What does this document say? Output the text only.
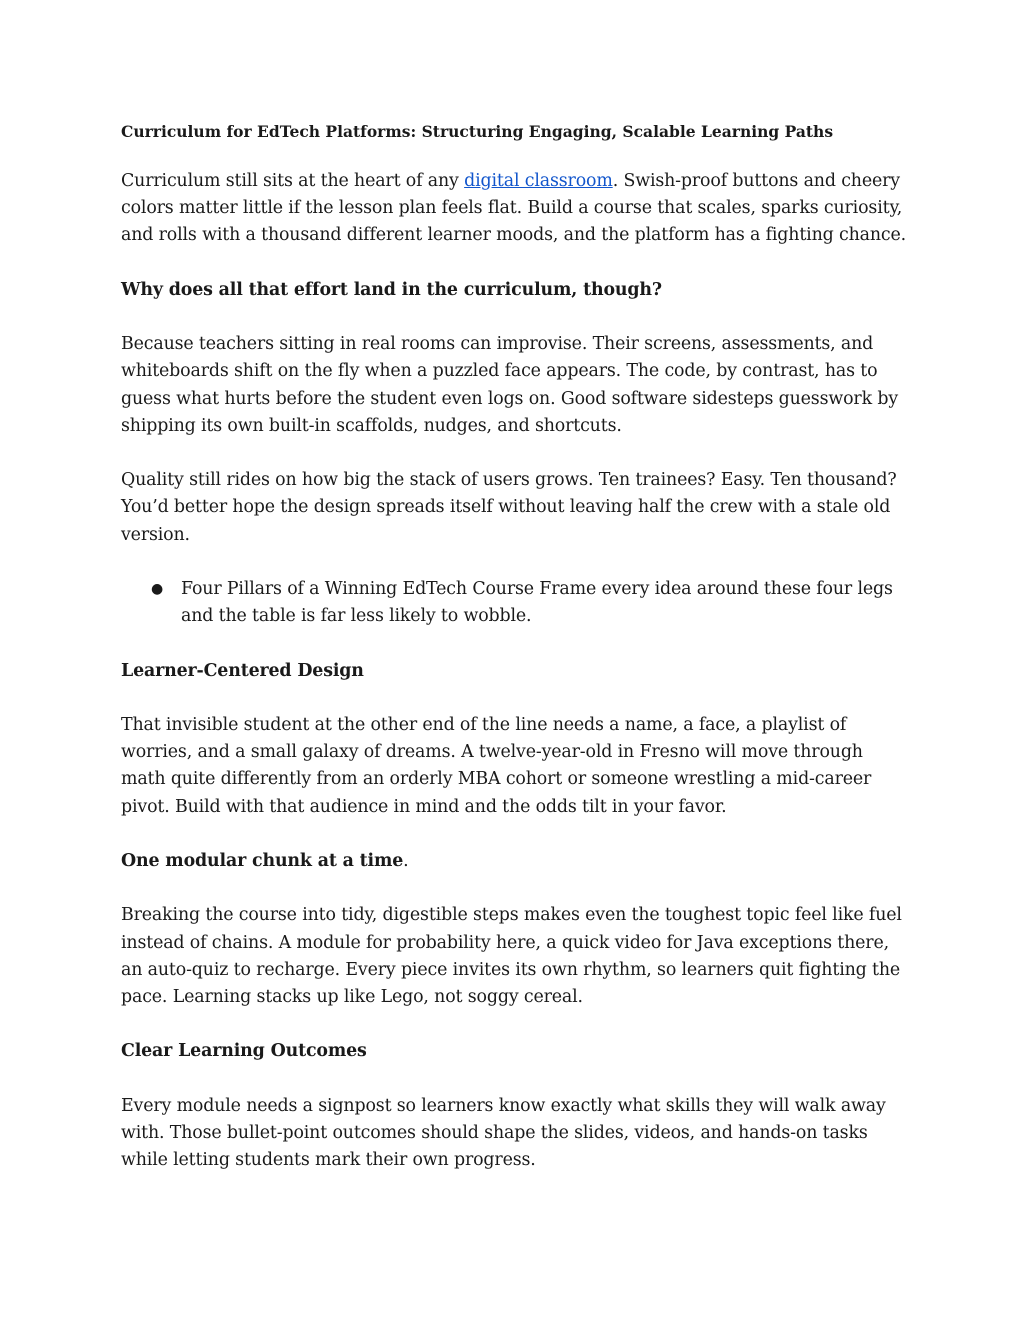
Curriculum for EdTech Platforms: Structuring Engaging, Scalable Learning Paths

Curriculum still sits at the heart of any digital classroom. Swish-proof buttons and cheery colors matter little if the lesson plan feels flat. Build a course that scales, sparks curiosity, and rolls with a thousand different learner moods, and the platform has a fighting chance.

Why does all that effort land in the curriculum, though?

Because teachers sitting in real rooms can improvise. Their screens, assessments, and whiteboards shift on the fly when a puzzled face appears. The code, by contrast, has to guess what hurts before the student even logs on. Good software sidesteps guesswork by shipping its own built-in scaffolds, nudges, and shortcuts.

Quality still rides on how big the stack of users grows. Ten trainees? Easy. Ten thousand? You’d better hope the design spreads itself without leaving half the crew with a stale old version.

● Four Pillars of a Winning EdTech Course Frame every idea around these four legs and the table is far less likely to wobble.
Learner-Centered Design

That invisible student at the other end of the line needs a name, a face, a playlist of worries, and a small galaxy of dreams. A twelve-year-old in Fresno will move through math quite differently from an orderly MBA cohort or someone wrestling a mid-career pivot. Build with that audience in mind and the odds tilt in your favor.

One modular chunk at a time.

Breaking the course into tidy, digestible steps makes even the toughest topic feel like fuel instead of chains. A module for probability here, a quick video for Java exceptions there, an auto-quiz to recharge. Every piece invites its own rhythm, so learners quit fighting the pace. Learning stacks up like Lego, not soggy cereal.

Clear Learning Outcomes

Every module needs a signpost so learners know exactly what skills they will walk away with. Those bullet-point outcomes should shape the slides, videos, and hands-on tasks while letting students mark their own progress.
